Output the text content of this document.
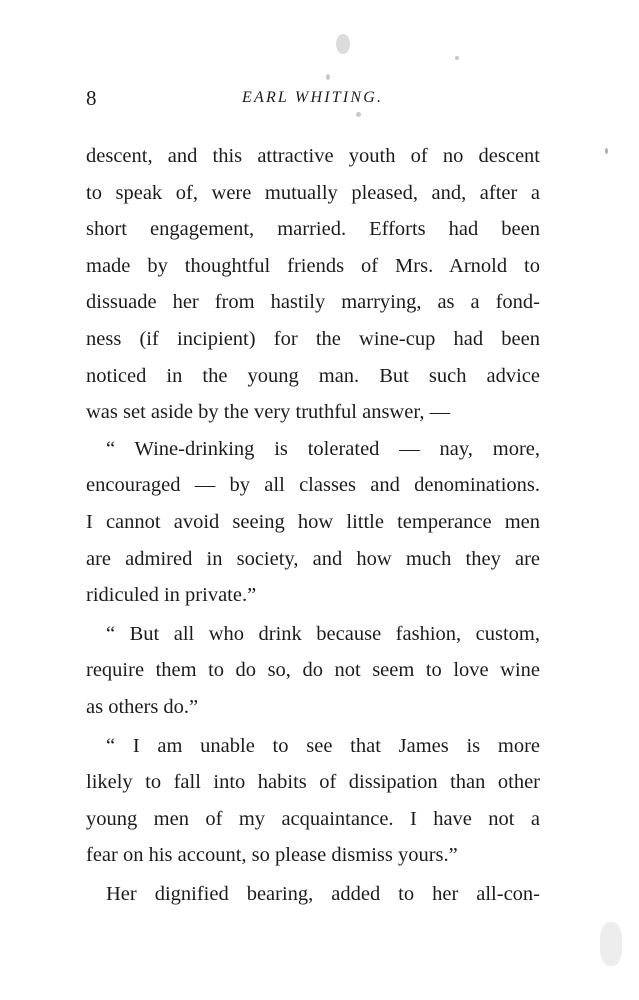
8	EARL WHITING.
descent, and this attractive youth of no descent
to speak of, were mutually pleased, and, after a
short engagement, married. Efforts had been
made by thoughtful friends of Mrs. Arnold to
dissuade her from hastily marrying, as a fond-
ness (if incipient) for the wine-cup had been
noticed in the young man. But such advice
was set aside by the very truthful answer, —
“ Wine-drinking is tolerated — nay, more,
encouraged — by all classes and denominations.
I cannot avoid seeing how little temperance men
are admired in society, and how much they are
ridiculed in private.”
“ But all who drink because fashion, custom,
require them to do so, do not seem to love wine
as others do.”
“ I am unable to see that James is more
likely to fall into habits of dissipation than other
young men of my acquaintance. I have not a
fear on his account, so please dismiss yours.”
Her dignified bearing, added to her all-con-
